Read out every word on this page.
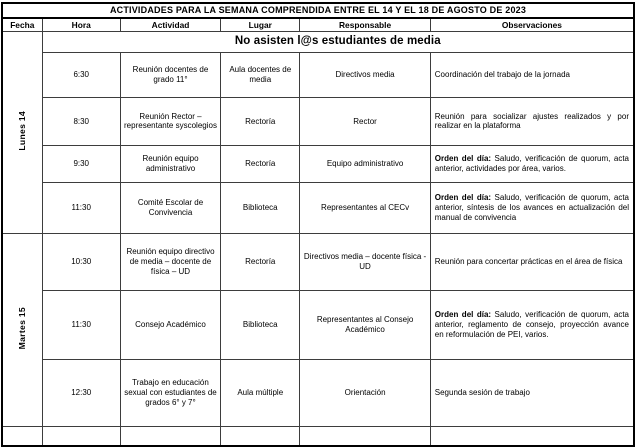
ACTIVIDADES PARA LA SEMANA COMPRENDIDA ENTRE EL 14 Y EL 18 DE AGOSTO DE 2023					
Fecha	Hora	Actividad	Lugar	Responsable	Observaciones
Lunes 14	No asisten l@s estudiantes de media				
	6:30	Reunión docentes de grado 11°	Aula docentes de media	Directivos media	Coordinación del trabajo de la jornada
	8:30	Reunión Rector – representante syscolegios	Rectoría	Rector	Reunión para socializar ajustes realizados y por realizar en la plataforma
	9:30	Reunión equipo administrativo	Rectoría	Equipo administrativo	Orden del día: Saludo, verificación de quorum, acta anterior, actividades por área, varios.
	11:30	Comité Escolar de Convivencia	Biblioteca	Representantes al CECv	Orden del día: Saludo, verificación de quorum, acta anterior, síntesis de los avances en actualización del manual de convivencia
Martes 15	10:30	Reunión equipo directivo de media – docente de física – UD	Rectoría	Directivos media – docente física - UD	Reunión para concertar prácticas en el área de física
	11:30	Consejo Académico	Biblioteca	Representantes al Consejo Académico	Orden del día: Saludo, verificación de quorum, acta anterior, reglamento de consejo, proyección avance en reformulación de PEI, varios.
	12:30	Trabajo en educación sexual con estudiantes de grados 6° y 7°	Aula múltiple	Orientación	Segunda sesión de trabajo
